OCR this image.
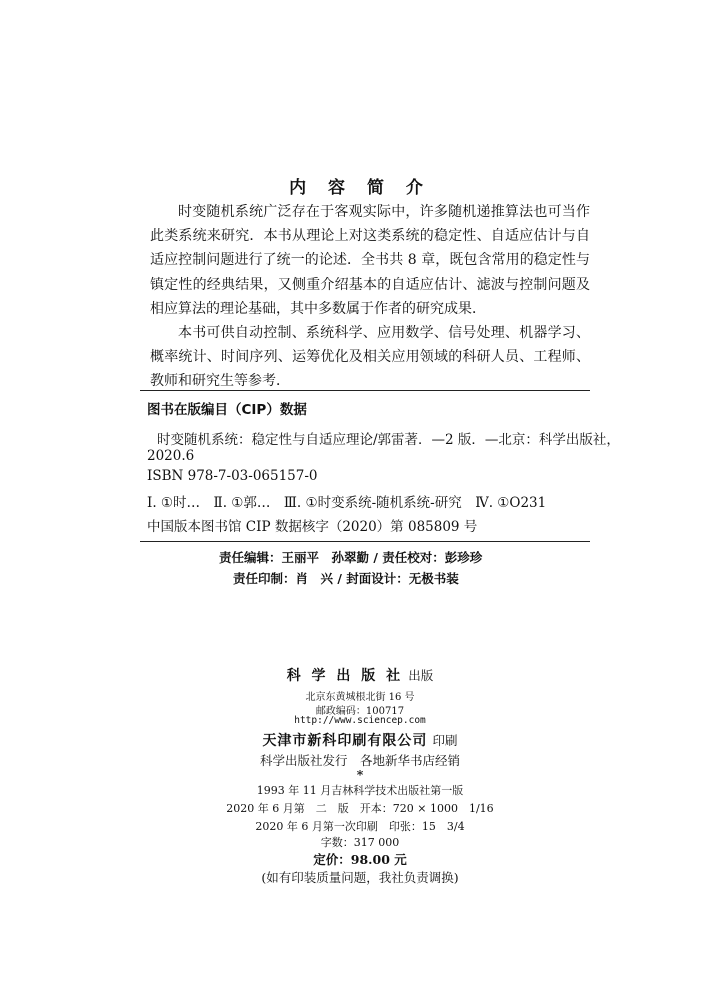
内 容 简 介

时变随机系统广泛存在于客观实际中，许多随机递推算法也可当作此类系统来研究．本书从理论上对这类系统的稳定性、自适应估计与自适应控制问题进行了统一的论述．全书共 8 章，既包含常用的稳定性与镇定性的经典结果，又侧重介绍基本的自适应估计、滤波与控制问题及相应算法的理论基础，其中多数属于作者的研究成果．

本书可供自动控制、系统科学、应用数学、信号处理、机器学习、概率统计、时间序列、运筹优化及相关应用领域的科研人员、工程师、教师和研究生等参考．

图书在版编目（CIP）数据
时变随机系统：稳定性与自适应理论/郭雷著．—2 版．—北京：科学出版社，
2020.6
ISBN 978-7-03-065157-0
Ⅰ. ①时…　Ⅱ. ①郭…　Ⅲ. ①时变系统-随机系统-研究　Ⅳ. ①O231
中国版本图书馆 CIP 数据核字（2020）第 085809 号
责任编辑：王丽平　孙翠勤 / 责任校对：彭珍珍
责任印制：肖　兴 / 封面设计：无极书装
科 学 出 版 社 出版
北京东黄城根北街 16 号
邮政编码：100717
http://www.sciencep.com
天津市新科印刷有限公司 印刷
科学出版社发行　各地新华书店经销
*
1993 年 11 月吉林科学技术出版社第一版
2020 年 6 月第　二　版　开本：720 × 1000　1/16
2020 年 6 月第一次印刷　印张：15　3/4
字数：317 000
定价：98.00 元
(如有印装质量问题，我社负责调换)
